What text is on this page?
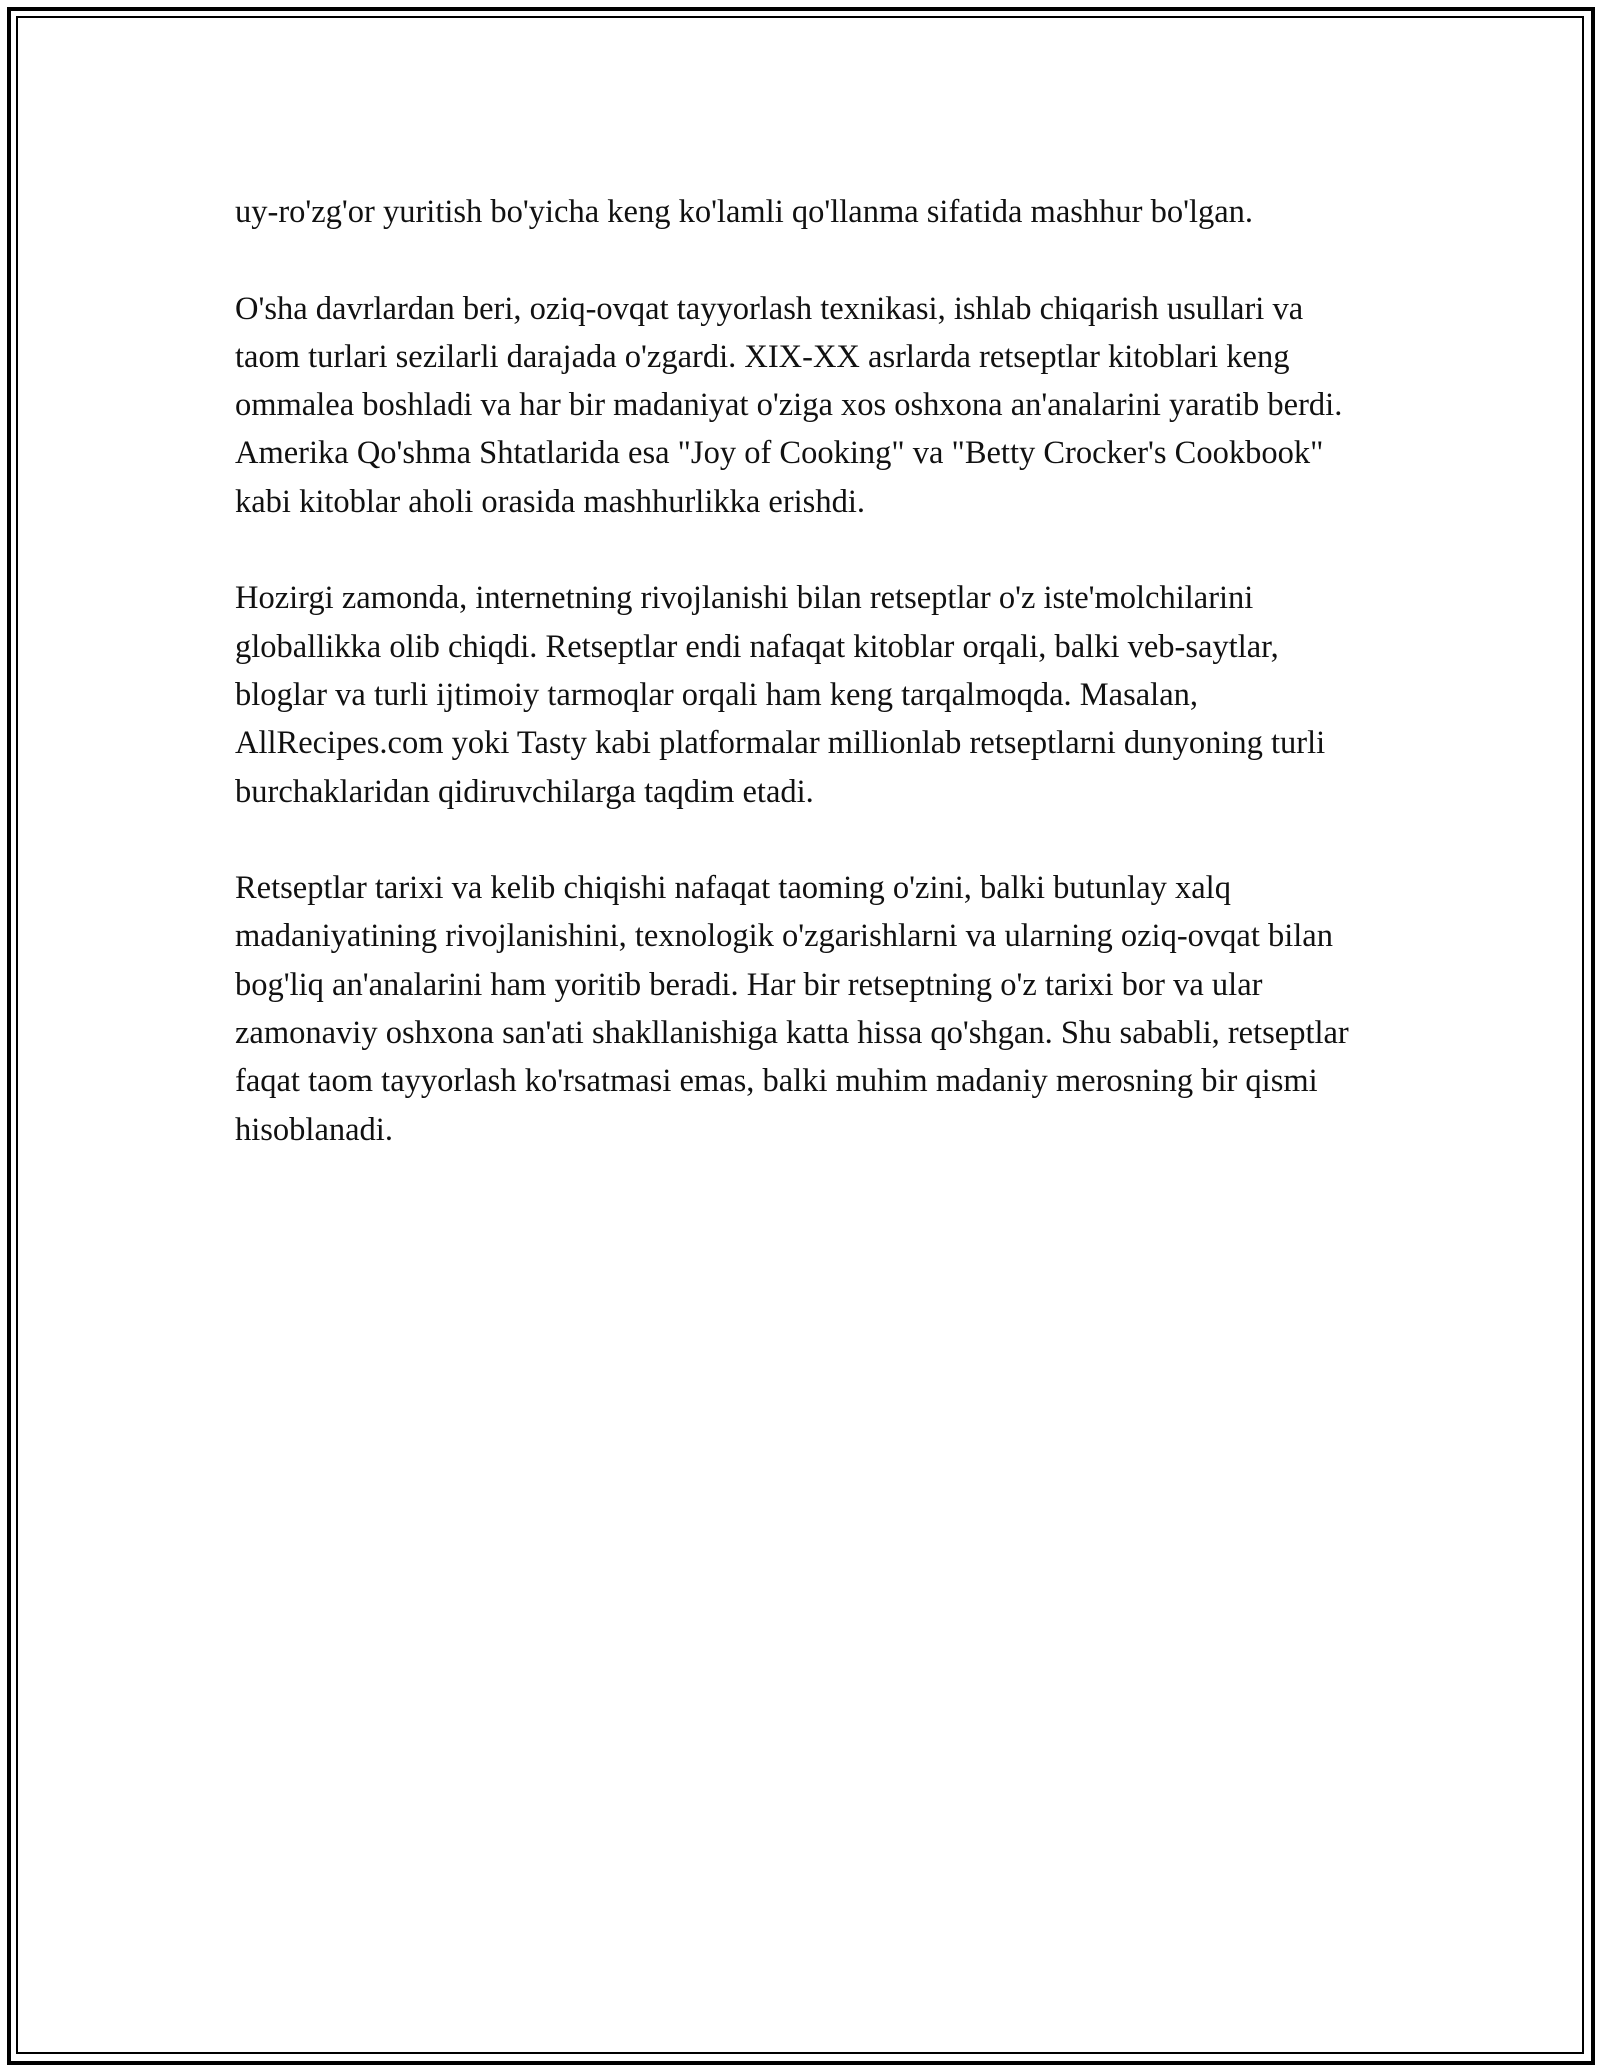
uy-ro'zg'or yuritish bo'yicha keng ko'lamli qo'llanma sifatida mashhur bo'lgan.

O'sha davrlardan beri, oziq-ovqat tayyorlash texnikasi, ishlab chiqarish usullari va taom turlari sezilarli darajada o'zgardi. XIX-XX asrlarda retseptlar kitoblari keng ommalea boshladi va har bir madaniyat o'ziga xos oshxona an'analarini yaratib berdi. Amerika Qo'shma Shtatlarida esa "Joy of Cooking" va "Betty Crocker's Cookbook" kabi kitoblar aholi orasida mashhurlikka erishdi.

Hozirgi zamonda, internetning rivojlanishi bilan retseptlar o'z iste'molchilarini globallikka olib chiqdi. Retseptlar endi nafaqat kitoblar orqali, balki veb-saytlar, bloglar va turli ijtimoiy tarmoqlar orqali ham keng tarqalmoqda. Masalan, AllRecipes.com yoki Tasty kabi platformalar millionlab retseptlarni dunyoning turli burchaklaridan qidiruvchilarga taqdim etadi.

Retseptlar tarixi va kelib chiqishi nafaqat taoming o'zini, balki butunlay xalq madaniyatining rivojlanishini, texnologik o'zgarishlarni va ularning oziq-ovqat bilan bog'liq an'analarini ham yoritib beradi. Har bir retseptning o'z tarixi bor va ular zamonaviy oshxona san'ati shakllanishiga katta hissa qo'shgan. Shu sababli, retseptlar faqat taom tayyorlash ko'rsatmasi emas, balki muhim madaniy merosning bir qismi hisoblanadi.
